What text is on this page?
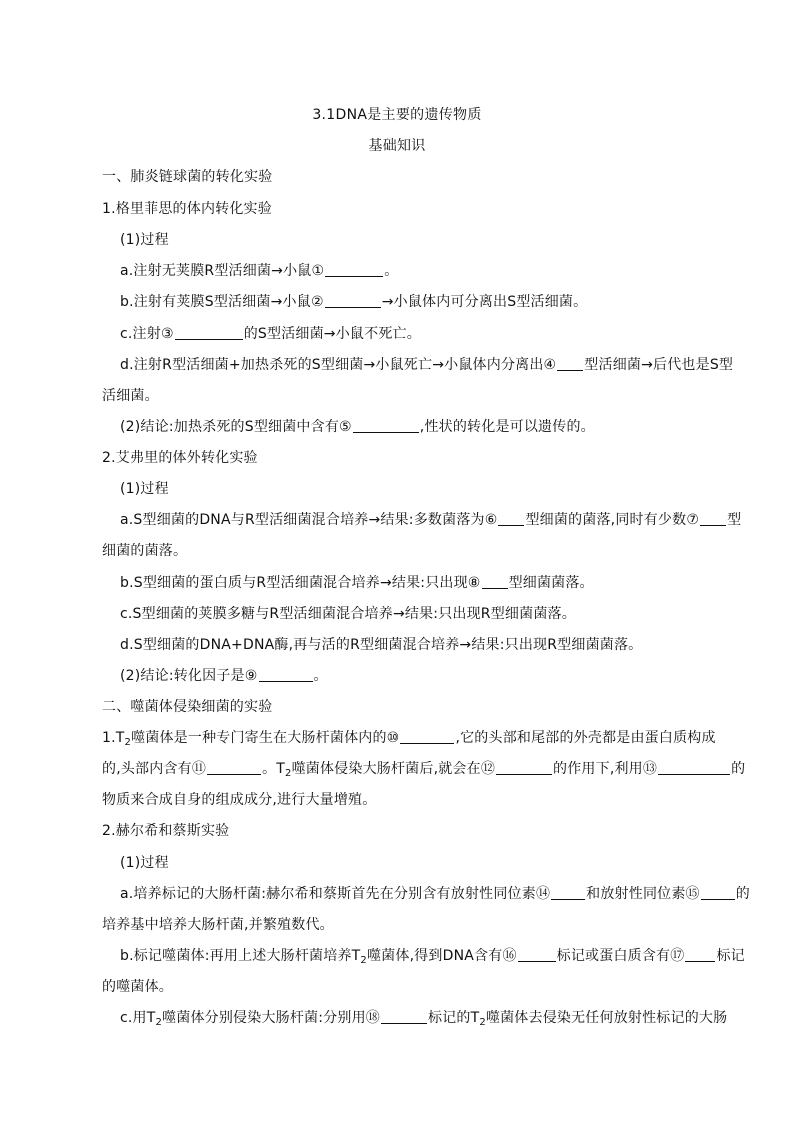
3.1DNA是主要的遗传物质
基础知识
一、肺炎链球菌的转化实验
1.格里菲思的体内转化实验
(1)过程
a.注射无荚膜R型活细菌→小鼠①	。
b.注射有荚膜S型活细菌→小鼠②	→小鼠体内可分离出S型活细菌。
c.注射③	的S型活细菌→小鼠不死亡。
d.注射R型活细菌+加热杀死的S型细菌→小鼠死亡→小鼠体内分离出④ 型活细菌→后代也是S型
活细菌。
(2)结论:加热杀死的S型细菌中含有⑤	,性状的转化是可以遗传的。
2.艾弗里的体外转化实验
(1)过程
a.S型细菌的DNA与R型活细菌混合培养→结果:多数菌落为⑥ 型细菌的菌落,同时有少数⑦ 型
细菌的菌落。
b.S型细菌的蛋白质与R型活细菌混合培养→结果:只出现⑧ 型细菌菌落。
c.S型细菌的荚膜多糖与R型活细菌混合培养→结果:只出现R型细菌菌落。
d.S型细菌的DNA+DNA酶,再与活的R型细菌混合培养→结果:只出现R型细菌菌落。
(2)结论:转化因子是⑨	。
二、噬菌体侵染细菌的实验
$1.T_2$噬菌体是一种专门寄生在大肠杆菌体内的⑩	,它的头部和尾部的外壳都是由蛋白质构成
的,头部内含有⑪	。$T_2$噬菌体侵染大肠杆菌后,就会在⑫	的作用下,利用⑬	的
物质来合成自身的组成成分,进行大量增殖。
2.赫尔希和蔡斯实验
(1)过程
a.培养标记的大肠杆菌:赫尔希和蔡斯首先在分别含有放射性同位素⑭	和放射性同位素⑮	的
培养基中培养大肠杆菌,并繁殖数代。
b.标记噬菌体:再用上述大肠杆菌培养$T_2$噬菌体,得到DNA含有⑯	标记或蛋白质含有⑰ 标记
的噬菌体。
c.用$T_2$噬菌体分别侵染大肠杆菌:分别用⑱	标记的$T_2$噬菌体去侵染无任何放射性标记的大肠
